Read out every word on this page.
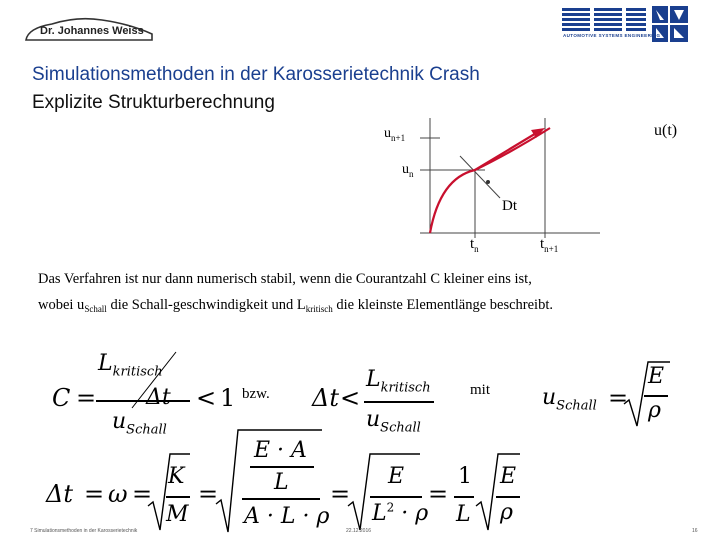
Dr. Johannes Weiss	AUTOMOTIVE SYSTEMS ENGINEERING
Simulationsmethoden in der Karosserietechnik Crash
Explizite Strukturberechnung
$u_{n+1}$
$u_n$
u(t)
Dt
$t_n$	$t_{n+1}$
Das Verfahren ist nur dann numerisch stabil, wenn die Courantzahl C kleiner eins ist,
wobei $u_{Schall}$ die Schall-geschwindigkeit und $L_{kritisch}$ die kleinste Elementlänge beschreibt.
C =
$L_{kritisch}$
Δt
$u_{Schall}$
< 1 bzw. Δt <
$L_{kritisch}$
$u_{Schall}$
mit $u_{Schall}$ =
E
ρ
Δt = ω =
K
M
=
E · A
L
A · L · ρ
=
E
$L^2 \cdot \rho$
=
1
L
E
ρ
7 Simulationsmethoden in der Karosserietechnik	22.12.2016	16
